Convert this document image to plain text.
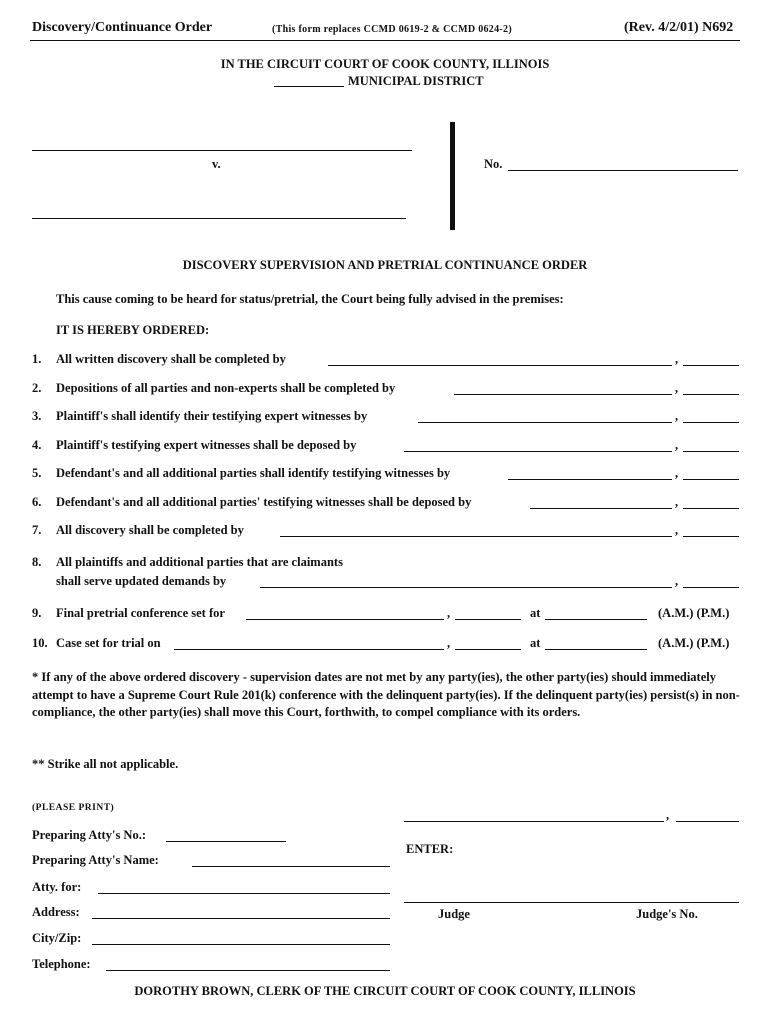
Discovery/Continuance Order	(This form replaces CCMD 0619-2 & CCMD 0624-2)	(Rev. 4/2/01) N692
IN THE CIRCUIT COURT OF COOK COUNTY, ILLINOIS
MUNICIPAL DISTRICT
v.	No.
DISCOVERY SUPERVISION AND PRETRIAL CONTINUANCE ORDER
This cause coming to be heard for status/pretrial, the Court being fully advised in the premises:
IT IS HEREBY ORDERED:
1. All written discovery shall be completed by	,
2. Depositions of all parties and non-experts shall be completed by	,
3. Plaintiff's shall identify their testifying expert witnesses by	,
4. Plaintiff's testifying expert witnesses shall be deposed by	,
5. Defendant's and all additional parties shall identify testifying witnesses by	,
6. Defendant's and all additional parties' testifying witnesses shall be deposed by	,
7. All discovery shall be completed by	,
8. All plaintiffs and additional parties that are claimants
shall serve updated demands by	,
9. Final pretrial conference set for	,	at	(A.M.) (P.M.)
10. Case set for trial on	,	at	(A.M.) (P.M.)
* If any of the above ordered discovery - supervision dates are not met by any party(ies), the other party(ies) should immediately attempt to have a Supreme Court Rule 201(k) conference with the delinquent party(ies). If the delinquent party(ies) persist(s) in non-compliance, the other party(ies) shall move this Court, forthwith, to compel compliance with its orders.
** Strike all not applicable.
(PLEASE PRINT)
Preparing Atty's No.:
Preparing Atty's Name:
Atty. for:
Address:
City/Zip:
Telephone:
,
ENTER:
Judge	Judge's No.
DOROTHY BROWN, CLERK OF THE CIRCUIT COURT OF COOK COUNTY, ILLINOIS
